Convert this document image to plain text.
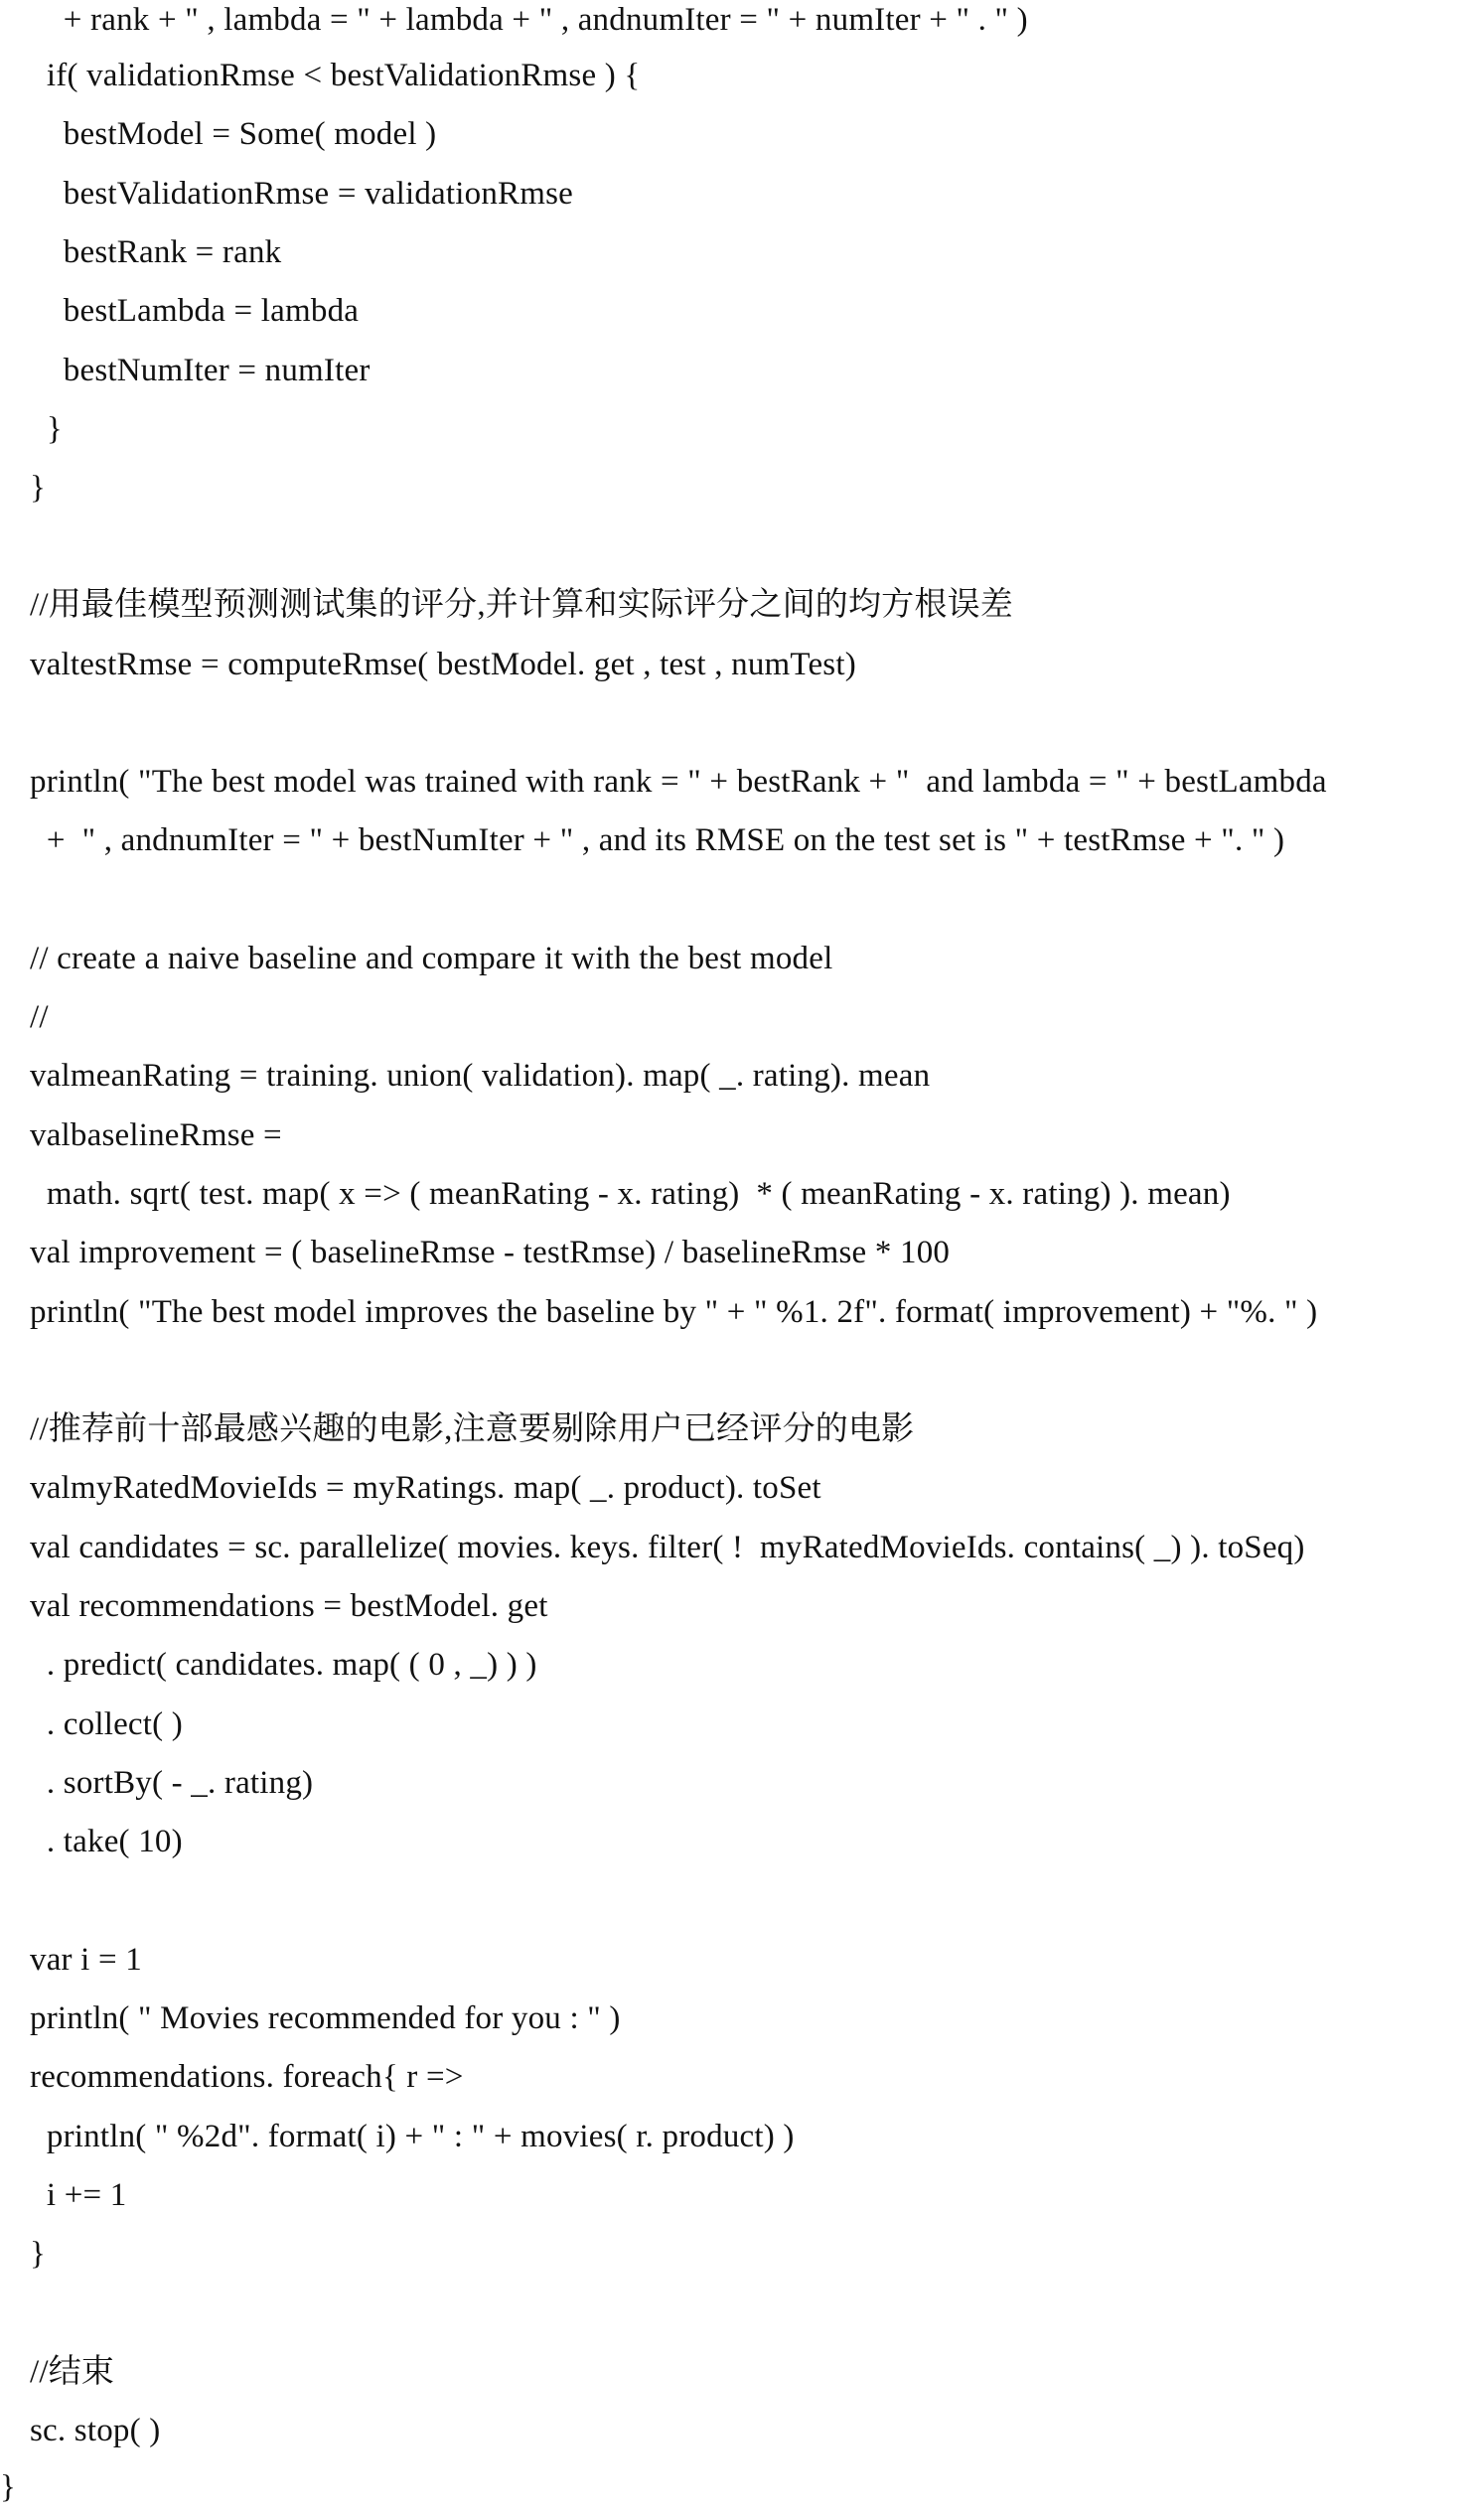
+ rank + " , lambda = " + lambda + " , andnumIter = " + numIter + " . " )
if( validationRmse < bestValidationRmse ) {
bestModel = Some( model )
bestValidationRmse = validationRmse
bestRank = rank
bestLambda = lambda
bestNumIter = numIter
}
}
//用最佳模型预测测试集的评分,并计算和实际评分之间的均方根误差
valtestRmse = computeRmse( bestModel. get , test , numTest)
println( "The best model was trained with rank = " + bestRank + "  and lambda = " + bestLambda
+  " , andnumIter = " + bestNumIter + " , and its RMSE on the test set is " + testRmse + ". " )
// create a naive baseline and compare it with the best model
//
valmeanRating = training. union( validation). map( _. rating). mean
valbaselineRmse =
math. sqrt( test. map( x => ( meanRating - x. rating)  * ( meanRating - x. rating) ). mean)
val improvement = ( baselineRmse - testRmse) / baselineRmse * 100
println( "The best model improves the baseline by " + " %1. 2f". format( improvement) + "%. " )
//推荐前十部最感兴趣的电影,注意要剔除用户已经评分的电影
valmyRatedMovieIds = myRatings. map( _. product). toSet
val candidates = sc. parallelize( movies. keys. filter( !  myRatedMovieIds. contains( _) ). toSeq)
val recommendations = bestModel. get
. predict( candidates. map( ( 0 , _) ) )
. collect( )
. sortBy( - _. rating)
. take( 10)
var i = 1
println( " Movies recommended for you : " )
recommendations. foreach{ r =>
println( " %2d". format( i) + " : " + movies( r. product) )
i += 1
}
//结束
sc. stop( )
}
